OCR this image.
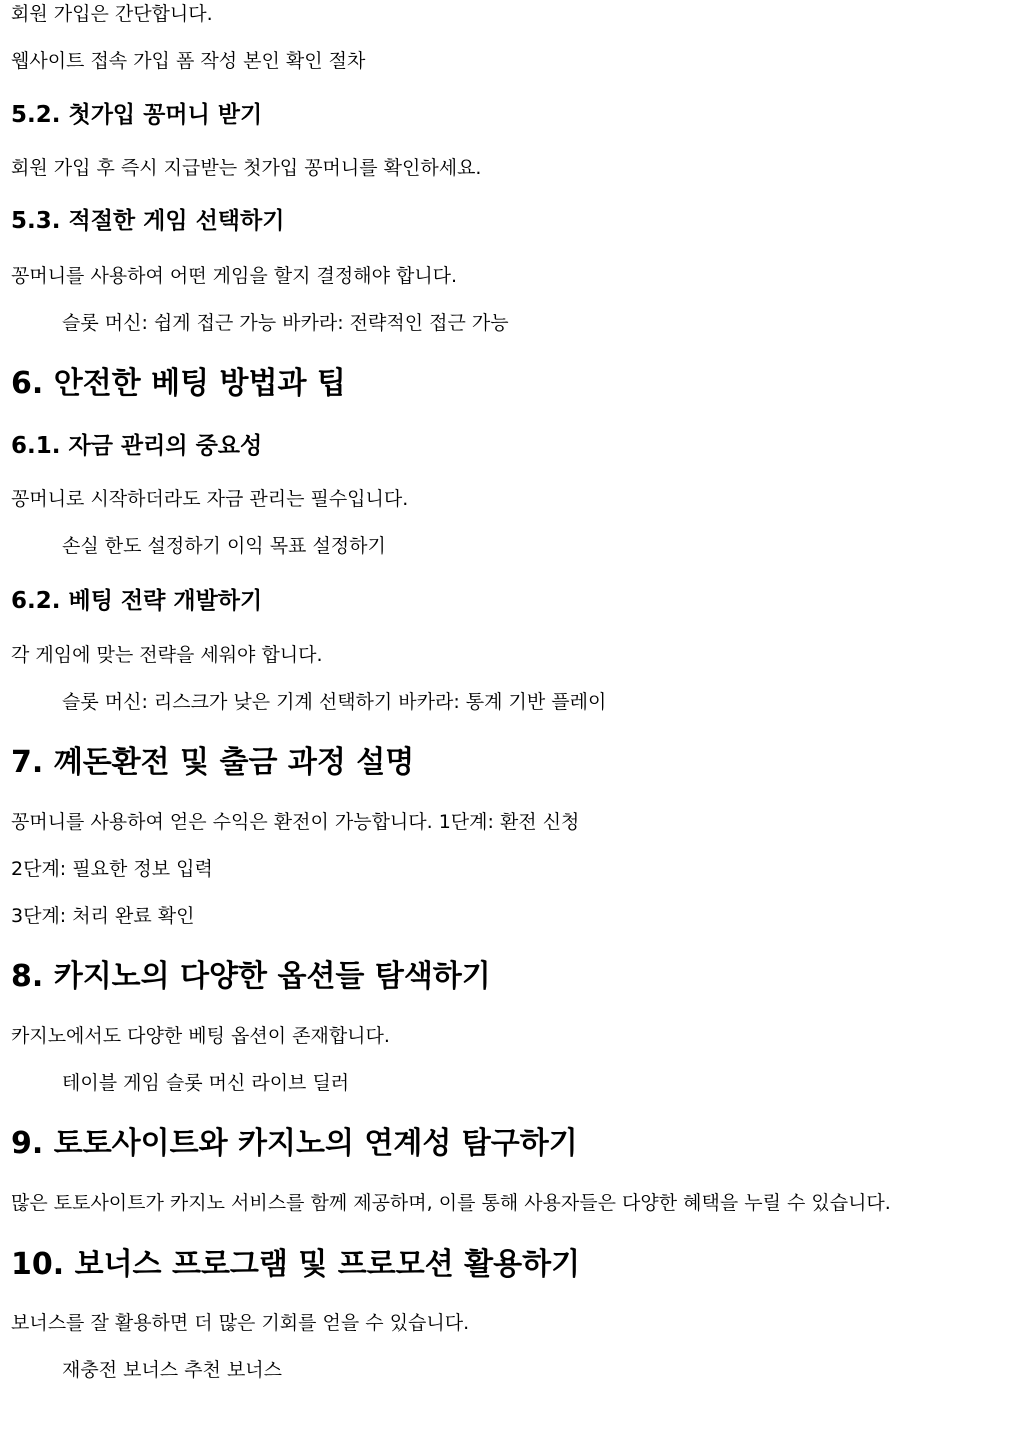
회원 가입은 간단합니다.

웹사이트 접속 가입 폼 작성 본인 확인 절차

5.2. 첫가입 꽁머니 받기

회원 가입 후 즉시 지급받는 첫가입 꽁머니를 확인하세요.

5.3. 적절한 게임 선택하기

꽁머니를 사용하여 어떤 게임을 할지 결정해야 합니다.

슬롯 머신: 쉽게 접근 가능 바카라: 전략적인 접근 가능

6. 안전한 베팅 방법과 팁
6.1. 자금 관리의 중요성

꽁머니로 시작하더라도 자금 관리는 필수입니다.

손실 한도 설정하기 이익 목표 설정하기

6.2. 베팅 전략 개발하기

각 게임에 맞는 전략을 세워야 합니다.

슬롯 머신: 리스크가 낮은 기계 선택하기 바카라: 통계 기반 플레이

7. 꼐돈환전 및 출금 과정 설명

꽁머니를 사용하여 얻은 수익은 환전이 가능합니다. 1단계: 환전 신청

2단계: 필요한 정보 입력

3단계: 처리 완료 확인

8. 카지노의 다양한 옵션들 탐색하기

카지노에서도 다양한 베팅 옵션이 존재합니다.

테이블 게임 슬롯 머신 라이브 딜러

9. 토토사이트와 카지노의 연계성 탐구하기

많은 토토사이트가 카지노 서비스를 함께 제공하며, 이를 통해 사용자들은 다양한 혜택을 누릴 수 있습니다.

10. 보너스 프로그램 및 프로모션 활용하기

보너스를 잘 활용하면 더 많은 기회를 얻을 수 있습니다.

재충전 보너스 추천 보너스
